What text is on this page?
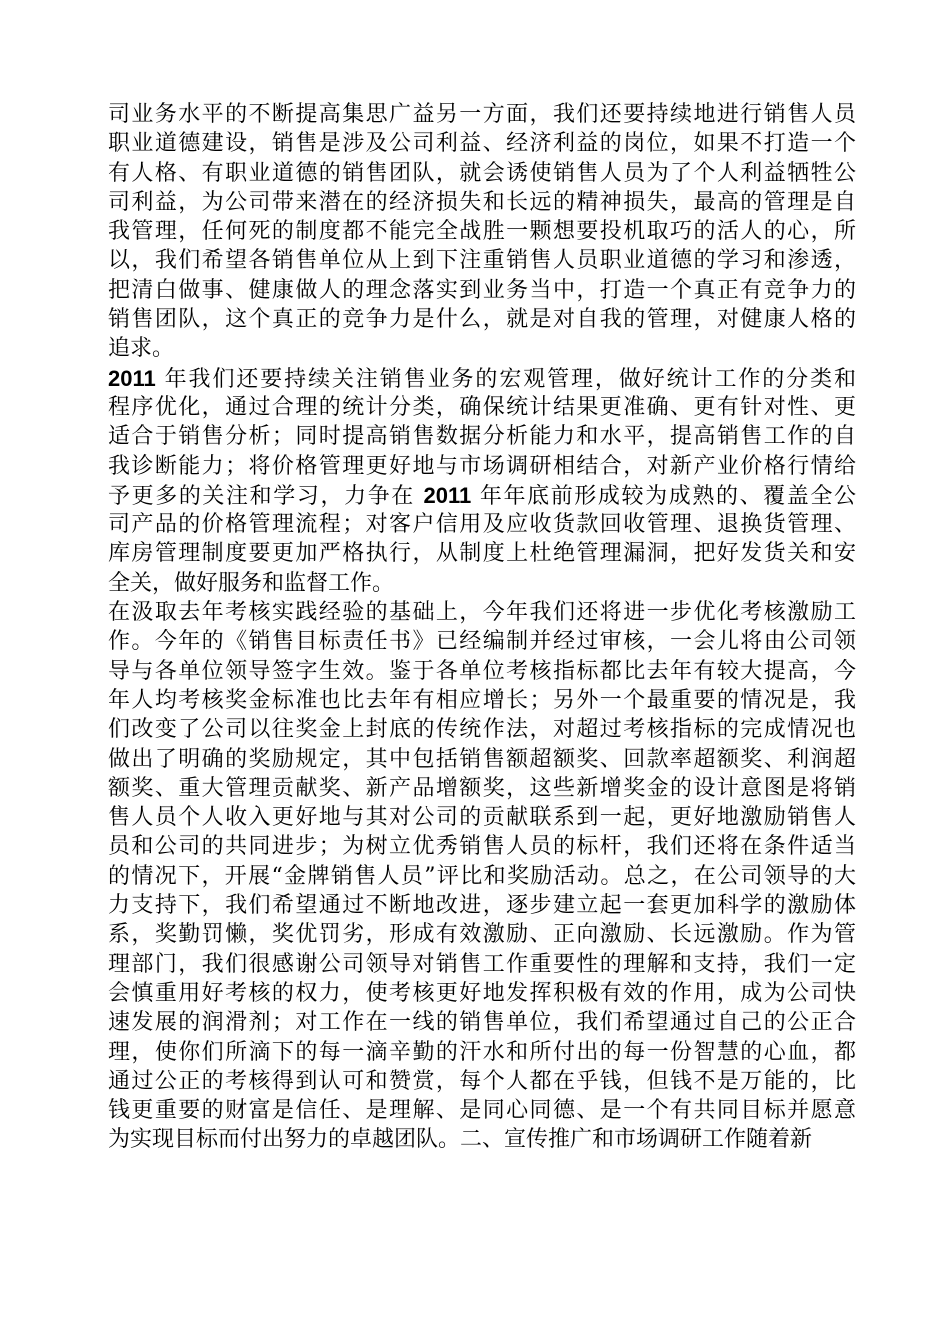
司业务水平的不断提高集思广益另一方面，我们还要持续地进行销售人员
职业道德建设，销售是涉及公司利益、经济利益的岗位，如果不打造一个
有人格、有职业道德的销售团队，就会诱使销售人员为了个人利益牺牲公
司利益，为公司带来潜在的经济损失和长远的精神损失，最高的管理是自
我管理，任何死的制度都不能完全战胜一颗想要投机取巧的活人的心，所
以，我们希望各销售单位从上到下注重销售人员职业道德的学习和渗透，
把清白做事、健康做人的理念落实到业务当中，打造一个真正有竞争力的
销售团队，这个真正的竞争力是什么，就是对自我的管理，对健康人格的
追求。
2011 年我们还要持续关注销售业务的宏观管理，做好统计工作的分类和
程序优化，通过合理的统计分类，确保统计结果更准确、更有针对性、更
适合于销售分析；同时提高销售数据分析能力和水平，提高销售工作的自
我诊断能力；将价格管理更好地与市场调研相结合，对新产业价格行情给
予更多的关注和学习，力争在 2011 年年底前形成较为成熟的、覆盖全公
司产品的价格管理流程；对客户信用及应收货款回收管理、退换货管理、
库房管理制度要更加严格执行，从制度上杜绝管理漏洞，把好发货关和安
全关，做好服务和监督工作。
在汲取去年考核实践经验的基础上，今年我们还将进一步优化考核激励工
作。今年的《销售目标责任书》已经编制并经过审核，一会儿将由公司领
导与各单位领导签字生效。鉴于各单位考核指标都比去年有较大提高，今
年人均考核奖金标准也比去年有相应增长；另外一个最重要的情况是，我
们改变了公司以往奖金上封底的传统作法，对超过考核指标的完成情况也
做出了明确的奖励规定，其中包括销售额超额奖、回款率超额奖、利润超
额奖、重大管理贡献奖、新产品增额奖，这些新增奖金的设计意图是将销
售人员个人收入更好地与其对公司的贡献联系到一起，更好地激励销售人
员和公司的共同进步；为树立优秀销售人员的标杆，我们还将在条件适当
的情况下，开展“金牌销售人员”评比和奖励活动。总之，在公司领导的大
力支持下，我们希望通过不断地改进，逐步建立起一套更加科学的激励体
系，奖勤罚懒，奖优罚劣，形成有效激励、正向激励、长远激励。作为管
理部门，我们很感谢公司领导对销售工作重要性的理解和支持，我们一定
会慎重用好考核的权力，使考核更好地发挥积极有效的作用，成为公司快
速发展的润滑剂；对工作在一线的销售单位，我们希望通过自己的公正合
理，使你们所滴下的每一滴辛勤的汗水和所付出的每一份智慧的心血，都
通过公正的考核得到认可和赞赏，每个人都在乎钱，但钱不是万能的，比
钱更重要的财富是信任、是理解、是同心同德、是一个有共同目标并愿意
为实现目标而付出努力的卓越团队。二、宣传推广和市场调研工作随着新
